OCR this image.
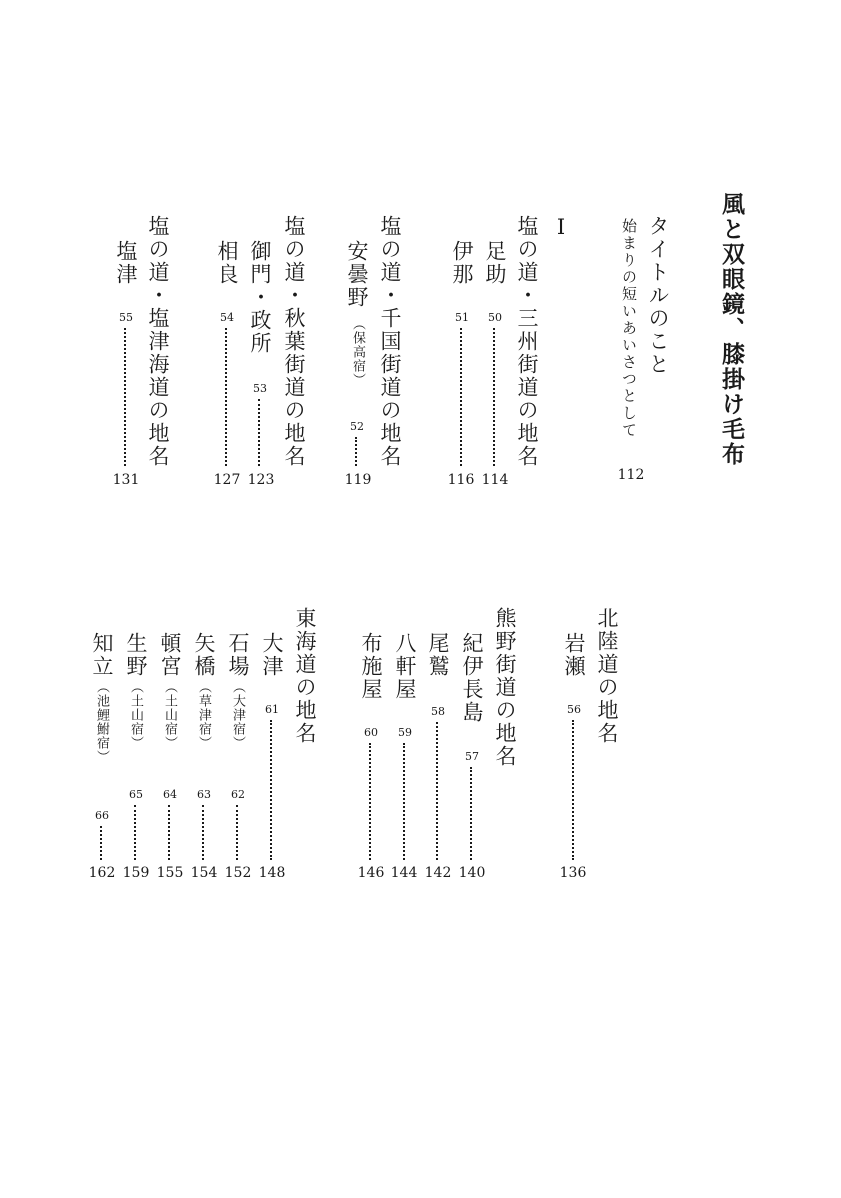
風と双眼鏡、膝掛け毛布
タイトルのこと
始まりの短いあいさつとして
112
I
塩の道・三州街道の地名
足助
50
114
伊那
51
116
塩の道・千国街道の地名
安曇野
（保高宿）
52
119
塩の道・秋葉街道の地名
御門・政所
53
123
相良
54
127
塩の道・塩津海道の地名
塩津
55
131
北陸道の地名
岩瀬
56
136
熊野街道の地名
紀伊長島
57
140
尾鷲
58
142
八軒屋
59
144
布施屋
60
146
東海道の地名
大津
61
148
石場
（大津宿）
62
152
矢橋
（草津宿）
63
154
頓宮
（土山宿）
64
155
生野
（土山宿）
65
159
知立
（池鯉鮒宿）
66
162
